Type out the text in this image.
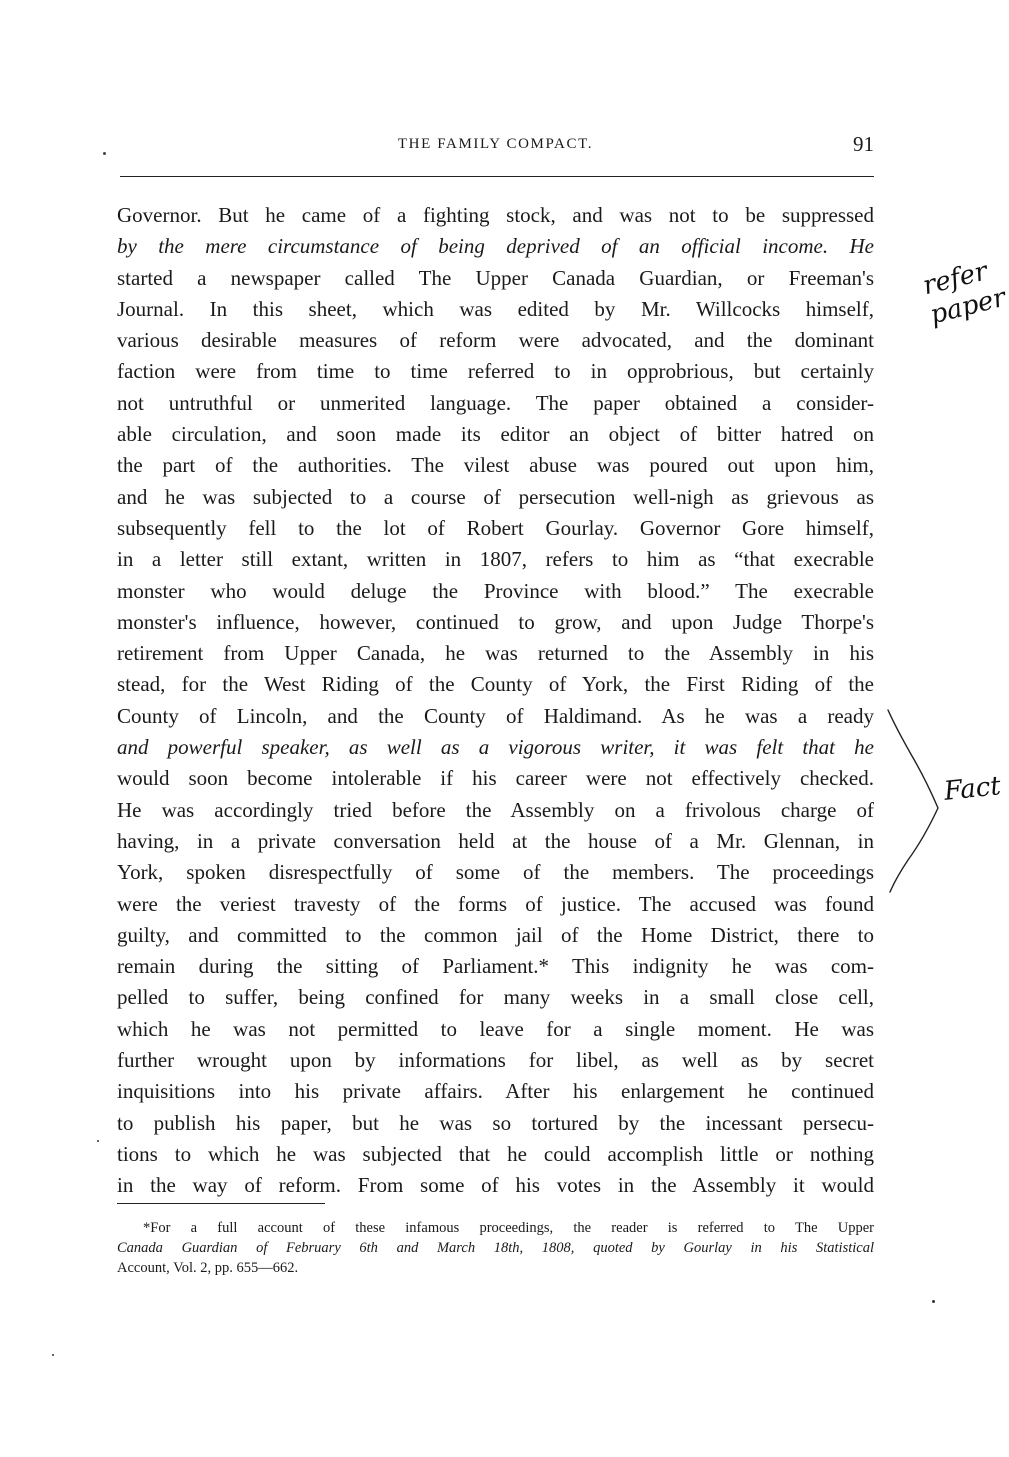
THE FAMILY COMPACT.	91
Governor. But he came of a fighting stock, and was not to be suppressed
by the mere circumstance of being deprived of an official income. He
started a newspaper called The Upper Canada Guardian, or Freeman's
Journal. In this sheet, which was edited by Mr. Willcocks himself,
various desirable measures of reform were advocated, and the dominant
faction were from time to time referred to in opprobrious, but certainly
not untruthful or unmerited language. The paper obtained a consider-
able circulation, and soon made its editor an object of bitter hatred on
the part of the authorities. The vilest abuse was poured out upon him,
and he was subjected to a course of persecution well-nigh as grievous as
subsequently fell to the lot of Robert Gourlay. Governor Gore himself,
in a letter still extant, written in 1807, refers to him as “that execrable
monster who would deluge the Province with blood.” The execrable
monster's influence, however, continued to grow, and upon Judge Thorpe's
retirement from Upper Canada, he was returned to the Assembly in his
stead, for the West Riding of the County of York, the First Riding of the
County of Lincoln, and the County of Haldimand. As he was a ready
and powerful speaker, as well as a vigorous writer, it was felt that he
would soon become intolerable if his career were not effectively checked.
He was accordingly tried before the Assembly on a frivolous charge of
having, in a private conversation held at the house of a Mr. Glennan, in
York, spoken disrespectfully of some of the members. The proceedings
were the veriest travesty of the forms of justice. The accused was found
guilty, and committed to the common jail of the Home District, there to
remain during the sitting of Parliament.* This indignity he was com-
pelled to suffer, being confined for many weeks in a small close cell,
which he was not permitted to leave for a single moment. He was
further wrought upon by informations for libel, as well as by secret
inquisitions into his private affairs. After his enlargement he continued
to publish his paper, but he was so tortured by the incessant persecu-
tions to which he was subjected that he could accomplish little or nothing
in the way of reform. From some of his votes in the Assembly it would
*For a full account of these infamous proceedings, the reader is referred to The Upper
Canada Guardian of February 6th and March 18th, 1808, quoted by Gourlay in his Statistical
Account, Vol. 2, pp. 655—662.
refer
paper
Fact
